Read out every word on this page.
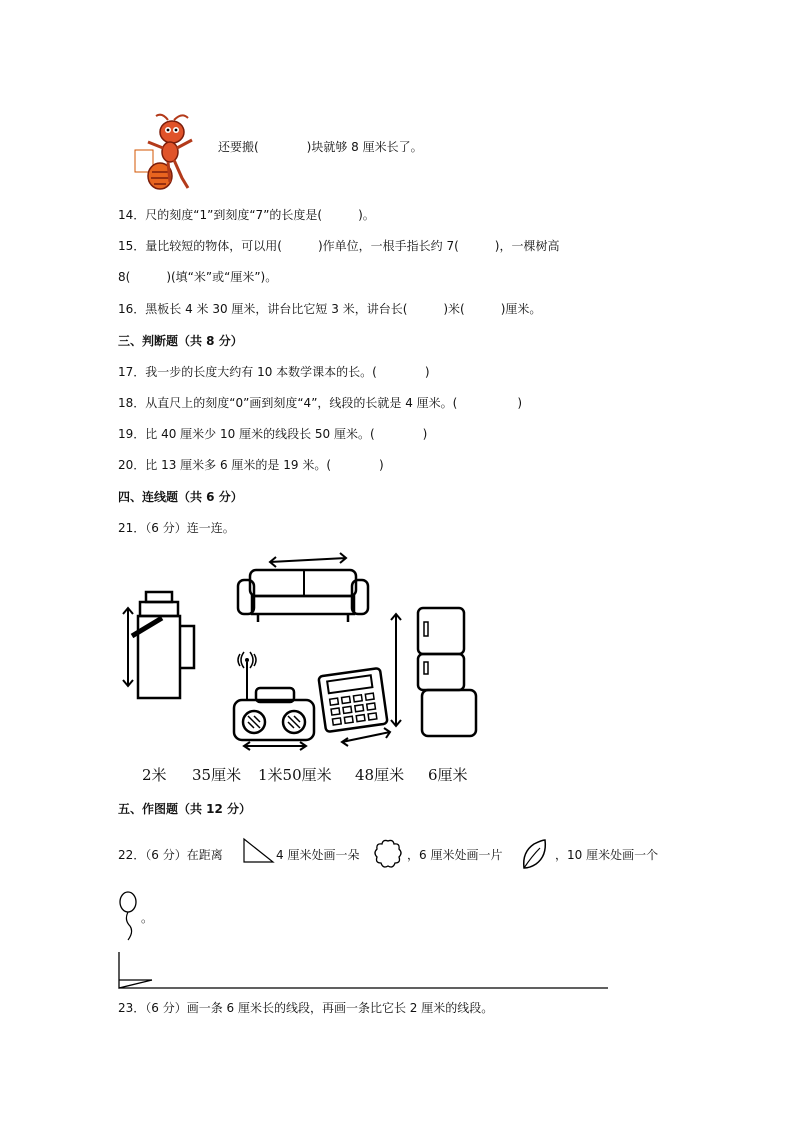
还要搬(　　　　)块就够 8 厘米长了。
14．尺的刻度“1”到刻度“7”的长度是(　　　)。
15．量比较短的物体，可以用(　　　)作单位，一根手指长约 7(　　　)，一棵树高
8(　　　)(填“米”或“厘米”)。
16．黑板长 4 米 30 厘米，讲台比它短 3 米，讲台长(　　　)米(　　　)厘米。
三、判断题（共 8 分）
17．我一步的长度大约有 10 本数学课本的长。(　　　　)
18．从直尺上的刻度“0”画到刻度“4”，线段的长就是 4 厘米。(　　　　　)
19．比 40 厘米少 10 厘米的线段长 50 厘米。(　　　　)
20．比 13 厘米多 6 厘米的是 19 米。(　　　　)
四、连线题（共 6 分）
21．（6 分）连一连。
2米 35厘米 1米50厘米 48厘米 6厘米
五、作图题（共 12 分）
22．（6 分）在距离	4 厘米处画一朵	，6 厘米处画一片	，10 厘米处画一个
。
23．（6 分）画一条 6 厘米长的线段，再画一条比它长 2 厘米的线段。
